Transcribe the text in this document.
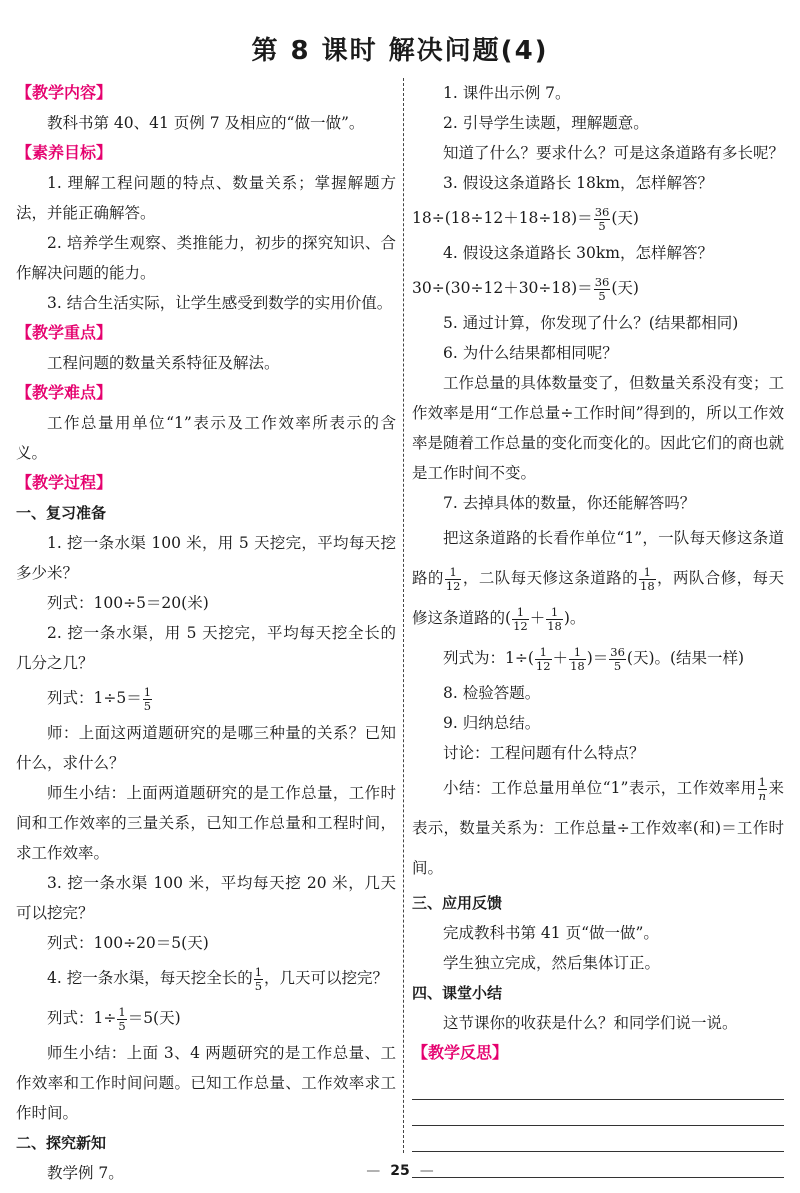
第 8 课时 解决问题(4)
【 教学内容 】

教科书第 40、41 页例 7 及相应的“做一做”。

【 素养目标 】

1. 理解工程问题的特点、数量关系；掌握解题方法，并能正确解答。

2. 培养学生观察、类推能力，初步的探究知识、合作解决问题的能力。

3. 结合生活实际，让学生感受到数学的实用价值。

【 教学重点 】

工程问题的数量关系特征及解法。

【 教学难点 】

工作总量用单位“1”表示及工作效率所表示的含义。

【 教学过程 】
一、复习准备

1. 挖一条水渠 100 米，用 5 天挖完，平均每天挖多少米？

列式：100÷5＝20(米)

2. 挖一条水渠，用 5 天挖完，平均每天挖全长的几分之几？

列式：$1\div 5= \frac{1}{5}$

师：上面这两道题研究的是哪三种量的关系？已知什么，求什么？

师生小结：上面两道题研究的是工作总量，工作时间和工作效率的三量关系，已知工作总量和工程时间，求工作效率。

3. 挖一条水渠 100 米，平均每天挖 20 米，几天可以挖完？

列式：100÷20＝5(天)

4. 挖一条水渠，每天挖全长的 $\frac{1}{5}$ ，几天可以挖完？

列式：$1\div \frac{1}{5} =5$(天)

师生小结：上面 3、4 两题研究的是工作总量、工作效率和工作时间问题。已知工作总量、工作效率求工作时间。

二、探究新知

教学例 7。

1. 课件出示例 7。

2. 引导学生读题，理解题意。

知道了什么？要求什么？可是这条道路有多长呢？

3. 假设这条道路长 18km，怎样解答？

$18\div(18\div 12+18\div 18)= \frac{36}{5}$ (天)

4. 假设这条道路长 30km，怎样解答？

$30\div(30\div 12+30\div 18)= \frac{36}{5}$ (天)

5. 通过计算，你发现了什么？(结果都相同)

6. 为什么结果都相同呢？

工作总量的具体数量变了，但数量关系没有变；工作效率是用“工作总量÷工作时间”得到的，所以工作效率是随着工作总量的变化而变化的。因此它们的商也就是工作时间不变。

7. 去掉具体的数量，你还能解答吗？

把这条道路的长看作单位“1”，一队每天修这条道路的 $\frac{1}{12}$ ，二队每天修这条道路的 $\frac{1}{18}$ ，两队合修，每天修这条道路的( $\frac{1}{12} + \frac{1}{18}$ )。

列式为：$1\div( \frac{1}{12} + \frac{1}{18}$ )＝ $\frac{36}{5}$ (天)。(结果一样)

8. 检验答题。

9. 归纳总结。

讨论：工程问题有什么特点？

小结：工作总量用单位“1”表示，工作效率用 $\frac{1}{n}$ 来表示，数量关系为：工作总量÷工作效率(和)＝工作时间。

三、应用反馈

完成教科书第 41 页“做一做”。

学生独立完成，然后集体订正。

四、课堂小结

这节课你的收获是什么？和同学们说一说。

【 教学反思 】
— 25 —
